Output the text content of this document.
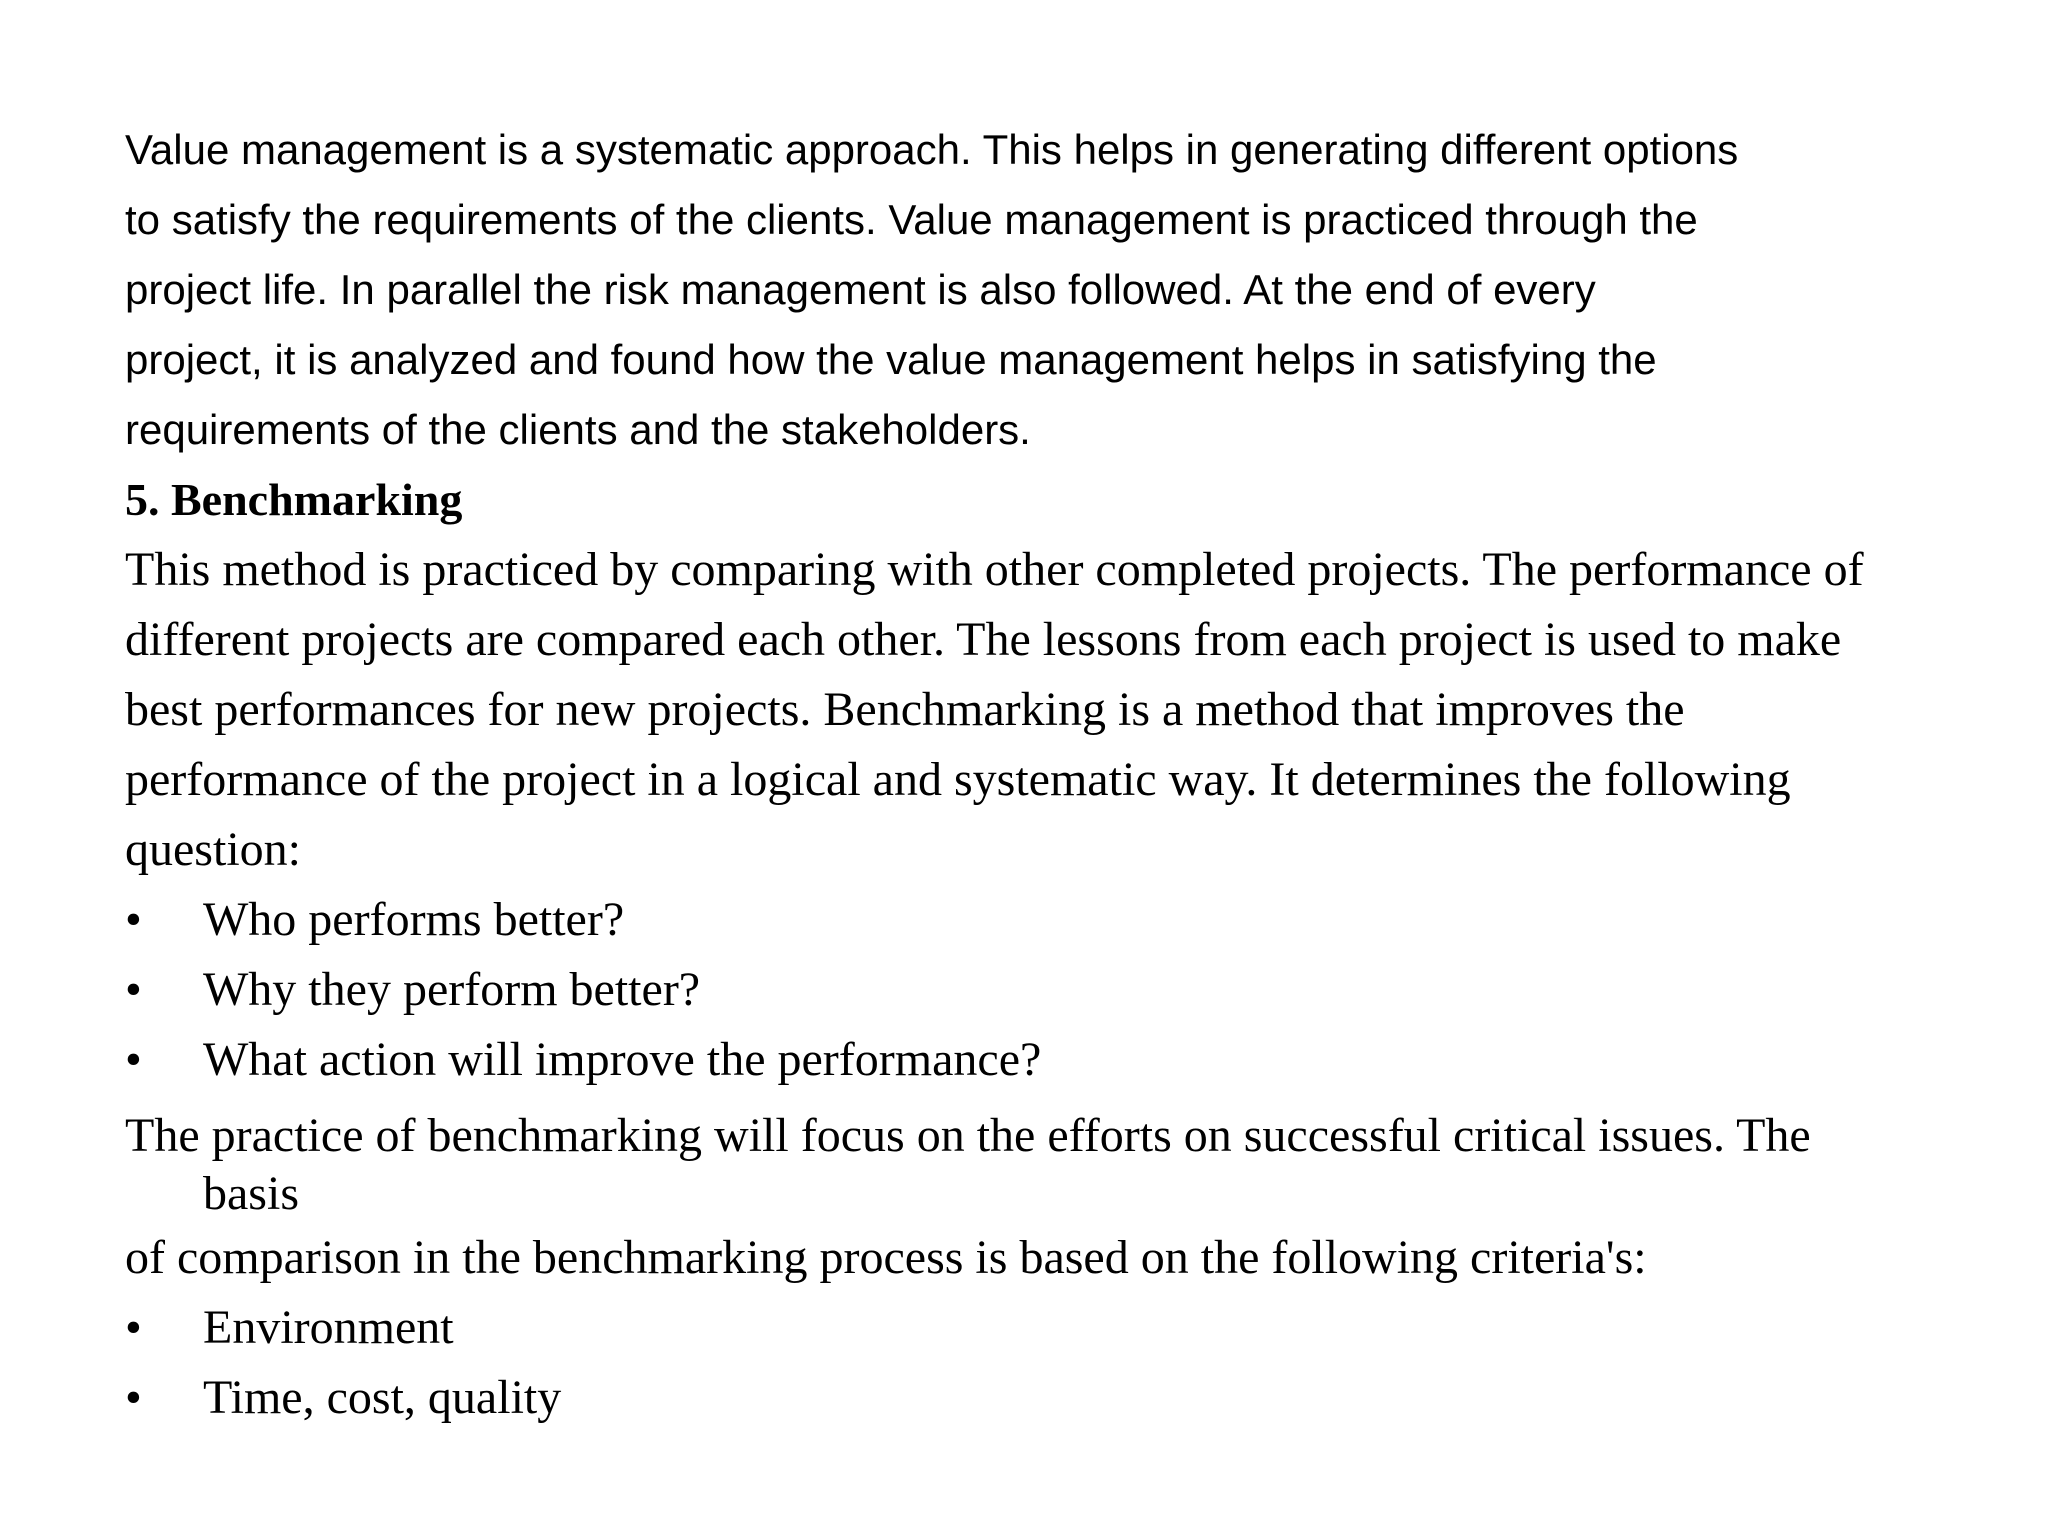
Value management is a systematic approach. This helps in generating different options
to satisfy the requirements of the clients. Value management is practiced through the
project life. In parallel the risk management is also followed. At the end of every
project, it is analyzed and found how the value management helps in satisfying the
requirements of the clients and the stakeholders.
5. Benchmarking
This method is practiced by comparing with other completed projects. The performance of
different projects are compared each other. The lessons from each project is used to make
best performances for new projects. Benchmarking is a method that improves the
performance of the project in a logical and systematic way. It determines the following
question:
• Who performs better?
• Why they perform better?
• What action will improve the performance?
The practice of benchmarking will focus on the efforts on successful critical issues. The
basis
of comparison in the benchmarking process is based on the following criteria's:
• Environment
• Time, cost, quality
